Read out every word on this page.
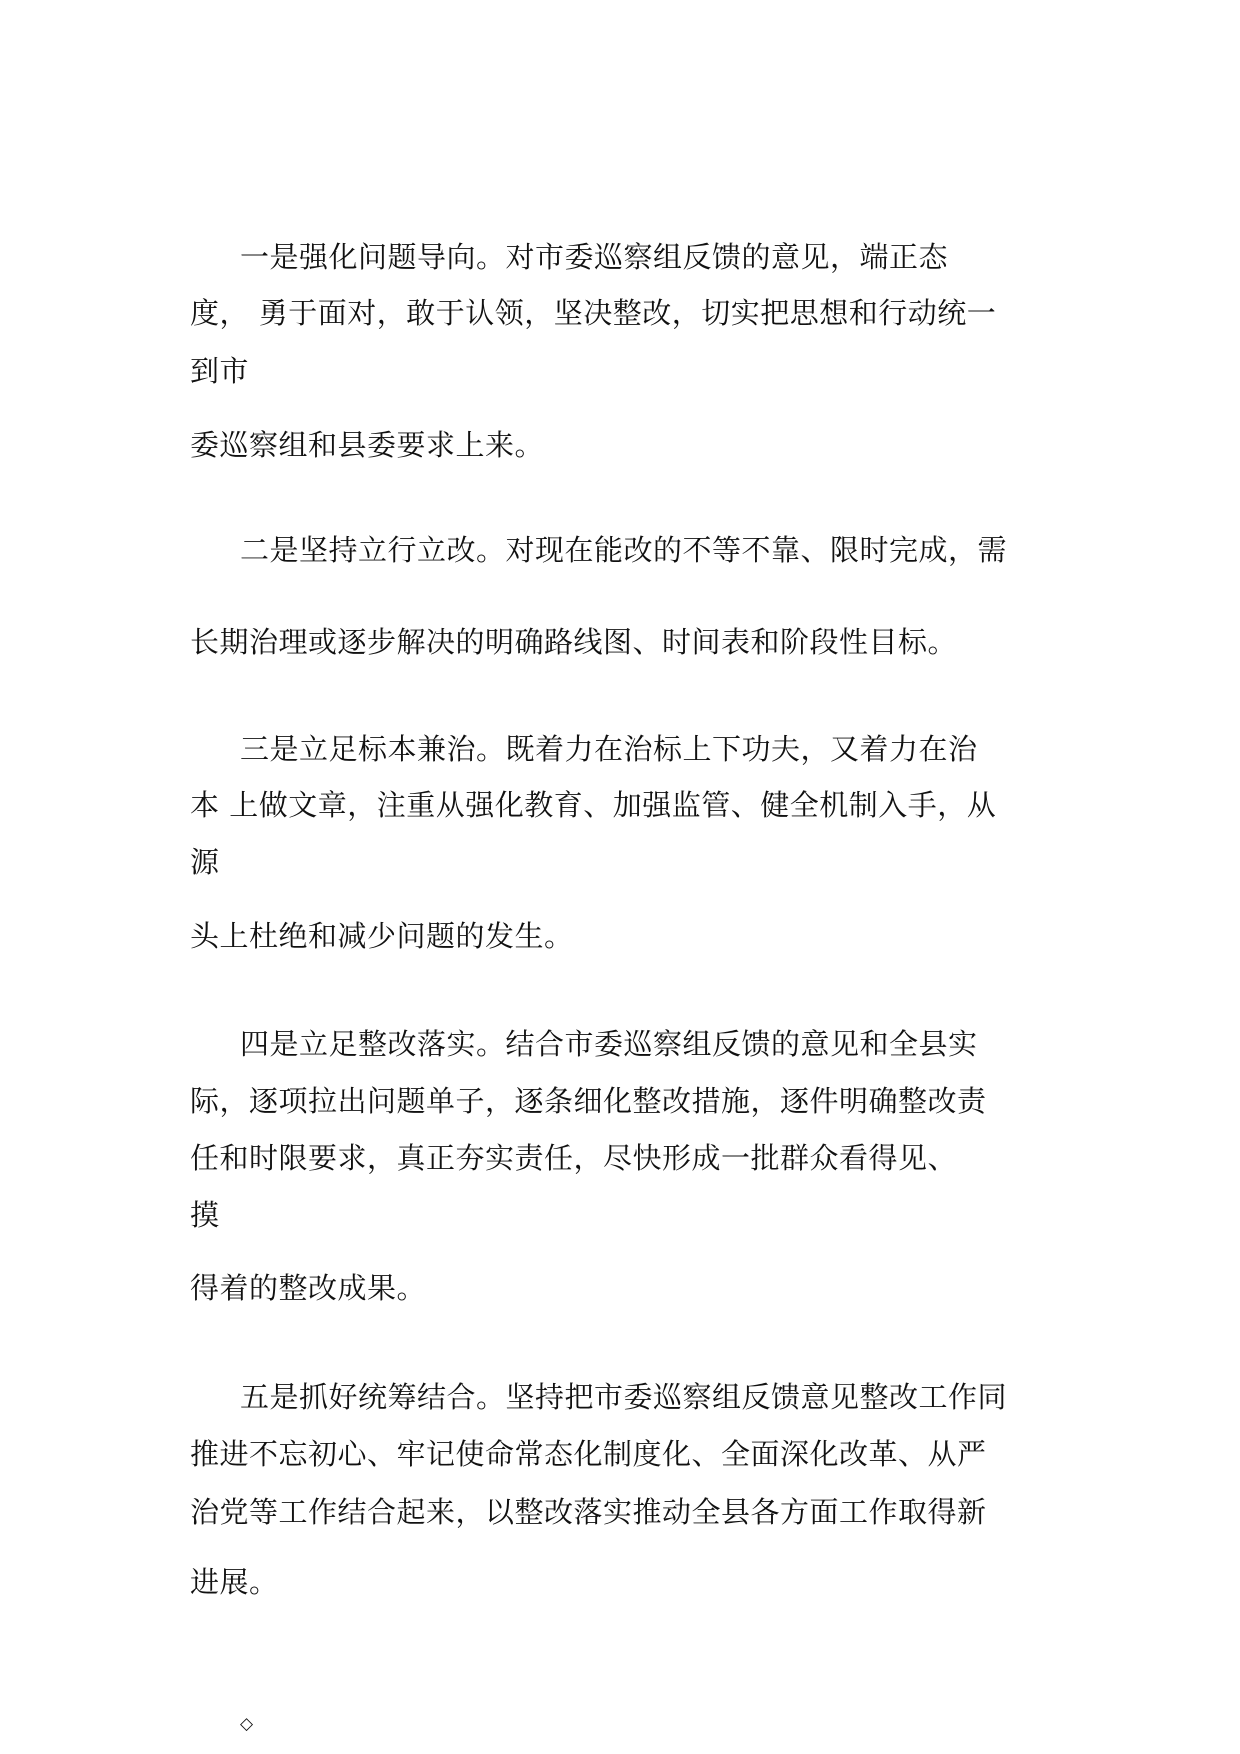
一是强化问题导向。对市委巡察组反馈的意见，端正态
度， 勇于面对，敢于认领，坚决整改，切实把思想和行动统一
到市
委巡察组和县委要求上来。
二是坚持立行立改。对现在能改的不等不靠、限时完成，需
长期治理或逐步解决的明确路线图、时间表和阶段性目标。
三是立足标本兼治。既着力在治标上下功夫，又着力在治
本 上做文章，注重从强化教育、加强监管、健全机制入手，从
源
头上杜绝和减少问题的发生。
四是立足整改落实。结合市委巡察组反馈的意见和全县实
际，逐项拉出问题单子，逐条细化整改措施，逐件明确整改责
任和时限要求，真正夯实责任，尽快形成一批群众看得见、
摸
得着的整改成果。
五是抓好统筹结合。坚持把市委巡察组反馈意见整改工作同
推进不忘初心、牢记使命常态化制度化、全面深化改革、从严
治党等工作结合起来，以整改落实推动全县各方面工作取得新
进展。
◇
